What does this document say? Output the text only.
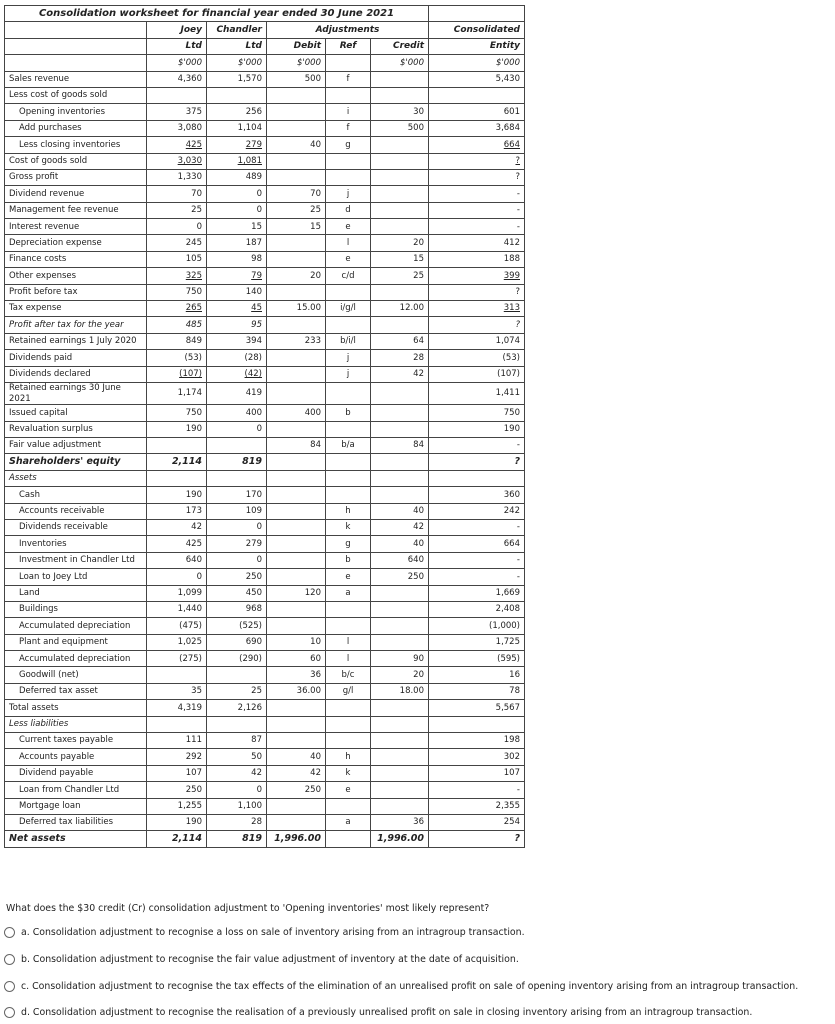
Consolidation worksheet for financial year ended 30 June 2021						
	Joey	Chandler	Adjustments			Consolidated
	Ltd	Ltd	Debit	Ref	Credit	Entity
	$'000	$'000	$'000		$'000	$'000
Sales revenue	4,360	1,570	500	f		5,430
Less cost of goods sold						
Opening inventories	375	256		i	30	601
Add purchases	3,080	1,104		f	500	3,684
Less closing inventories	425	279	40	g		664
Cost of goods sold	3,030	1,081				?
Gross profit	1,330	489				?
Dividend revenue	70	0	70	j		-
Management fee revenue	25	0	25	d		-
Interest revenue	0	15	15	e		-
Depreciation expense	245	187		l	20	412
Finance costs	105	98		e	15	188
Other expenses	325	79	20	c/d	25	399
Profit before tax	750	140				?
Tax expense	265	45	15.00	i/g/l	12.00	313
Profit after tax for the year	485	95				?
Retained earnings 1 July 2020	849	394	233	b/i/l	64	1,074
Dividends paid	(53)	(28)		j	28	(53)
Dividends declared	(107)	(42)		j	42	(107)
Retained earnings 30 June 2021	1,174	419				1,411
Issued capital	750	400	400	b		750
Revaluation surplus	190	0				190
Fair value adjustment			84	b/a	84	-
Shareholders' equity	2,114	819				?
Assets						
Cash	190	170				360
Accounts receivable	173	109		h	40	242
Dividends receivable	42	0		k	42	-
Inventories	425	279		g	40	664
Investment in Chandler Ltd	640	0		b	640	-
Loan to Joey Ltd	0	250		e	250	-
Land	1,099	450	120	a		1,669
Buildings	1,440	968				2,408
Accumulated depreciation	(475)	(525)				(1,000)
Plant and equipment	1,025	690	10	l		1,725
Accumulated depreciation	(275)	(290)	60	l	90	(595)
Goodwill (net)			36	b/c	20	16
Deferred tax asset	35	25	36.00	g/l	18.00	78
Total assets	4,319	2,126				5,567
Less liabilities						
Current taxes payable	111	87				198
Accounts payable	292	50	40	h		302
Dividend payable	107	42	42	k		107
Loan from Chandler Ltd	250	0	250	e		-
Mortgage loan	1,255	1,100				2,355
Deferred tax liabilities	190	28		a	36	254
Net assets	2,114	819	1,996.00		1,996.00	?
What does the $30 credit (Cr) consolidation adjustment to 'Opening inventories' most likely represent?
a. Consolidation adjustment to recognise a loss on sale of inventory arising from an intragroup transaction.
b. Consolidation adjustment to recognise the fair value adjustment of inventory at the date of acquisition.
c. Consolidation adjustment to recognise the tax effects of the elimination of an unrealised profit on sale of opening inventory arising from an intragroup transaction.
d. Consolidation adjustment to recognise the realisation of a previously unrealised profit on sale in closing inventory arising from an intragroup transaction.
